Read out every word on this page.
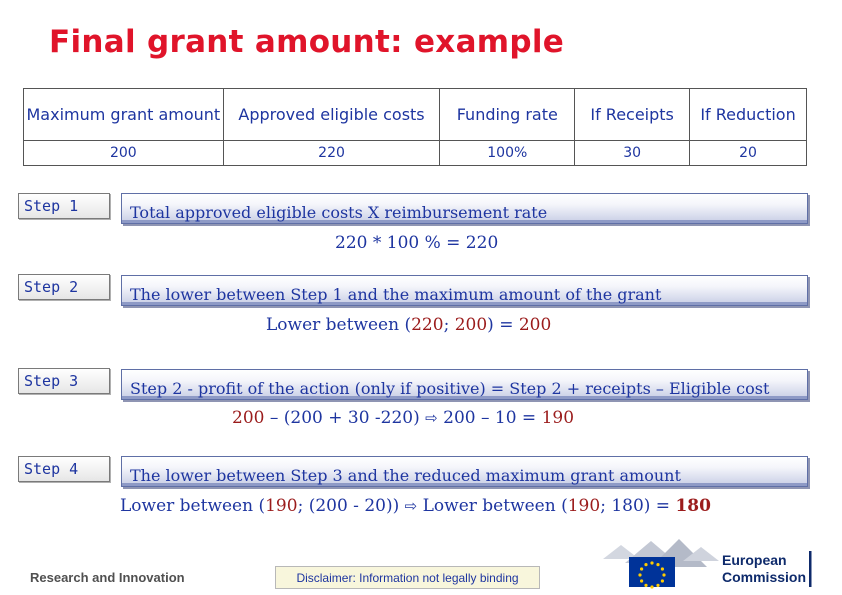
Final grant amount: example
Maximum grant amount	Approved eligible costs	Funding rate	If Receipts	If Reduction
200	220	100%	30	20
Step 1	Total approved eligible costs X reimbursement rate
220 * 100 % = 220
Step 2	The lower between Step 1 and the maximum amount of the grant
Lower between (220; 200) = 200
Step 3	Step 2 - profit of the action (only if positive) = Step 2 + receipts – Eligible cost
200 – (200 + 30 -220) ⇨ 200 – 10 = 190
Step 4	The lower between Step 3 and the reduced maximum grant amount
Lower between (190; (200 - 20)) ⇨ Lower between (190; 180) = 180
Research and Innovation	Disclaimer: Information not legally binding
European
Commission
